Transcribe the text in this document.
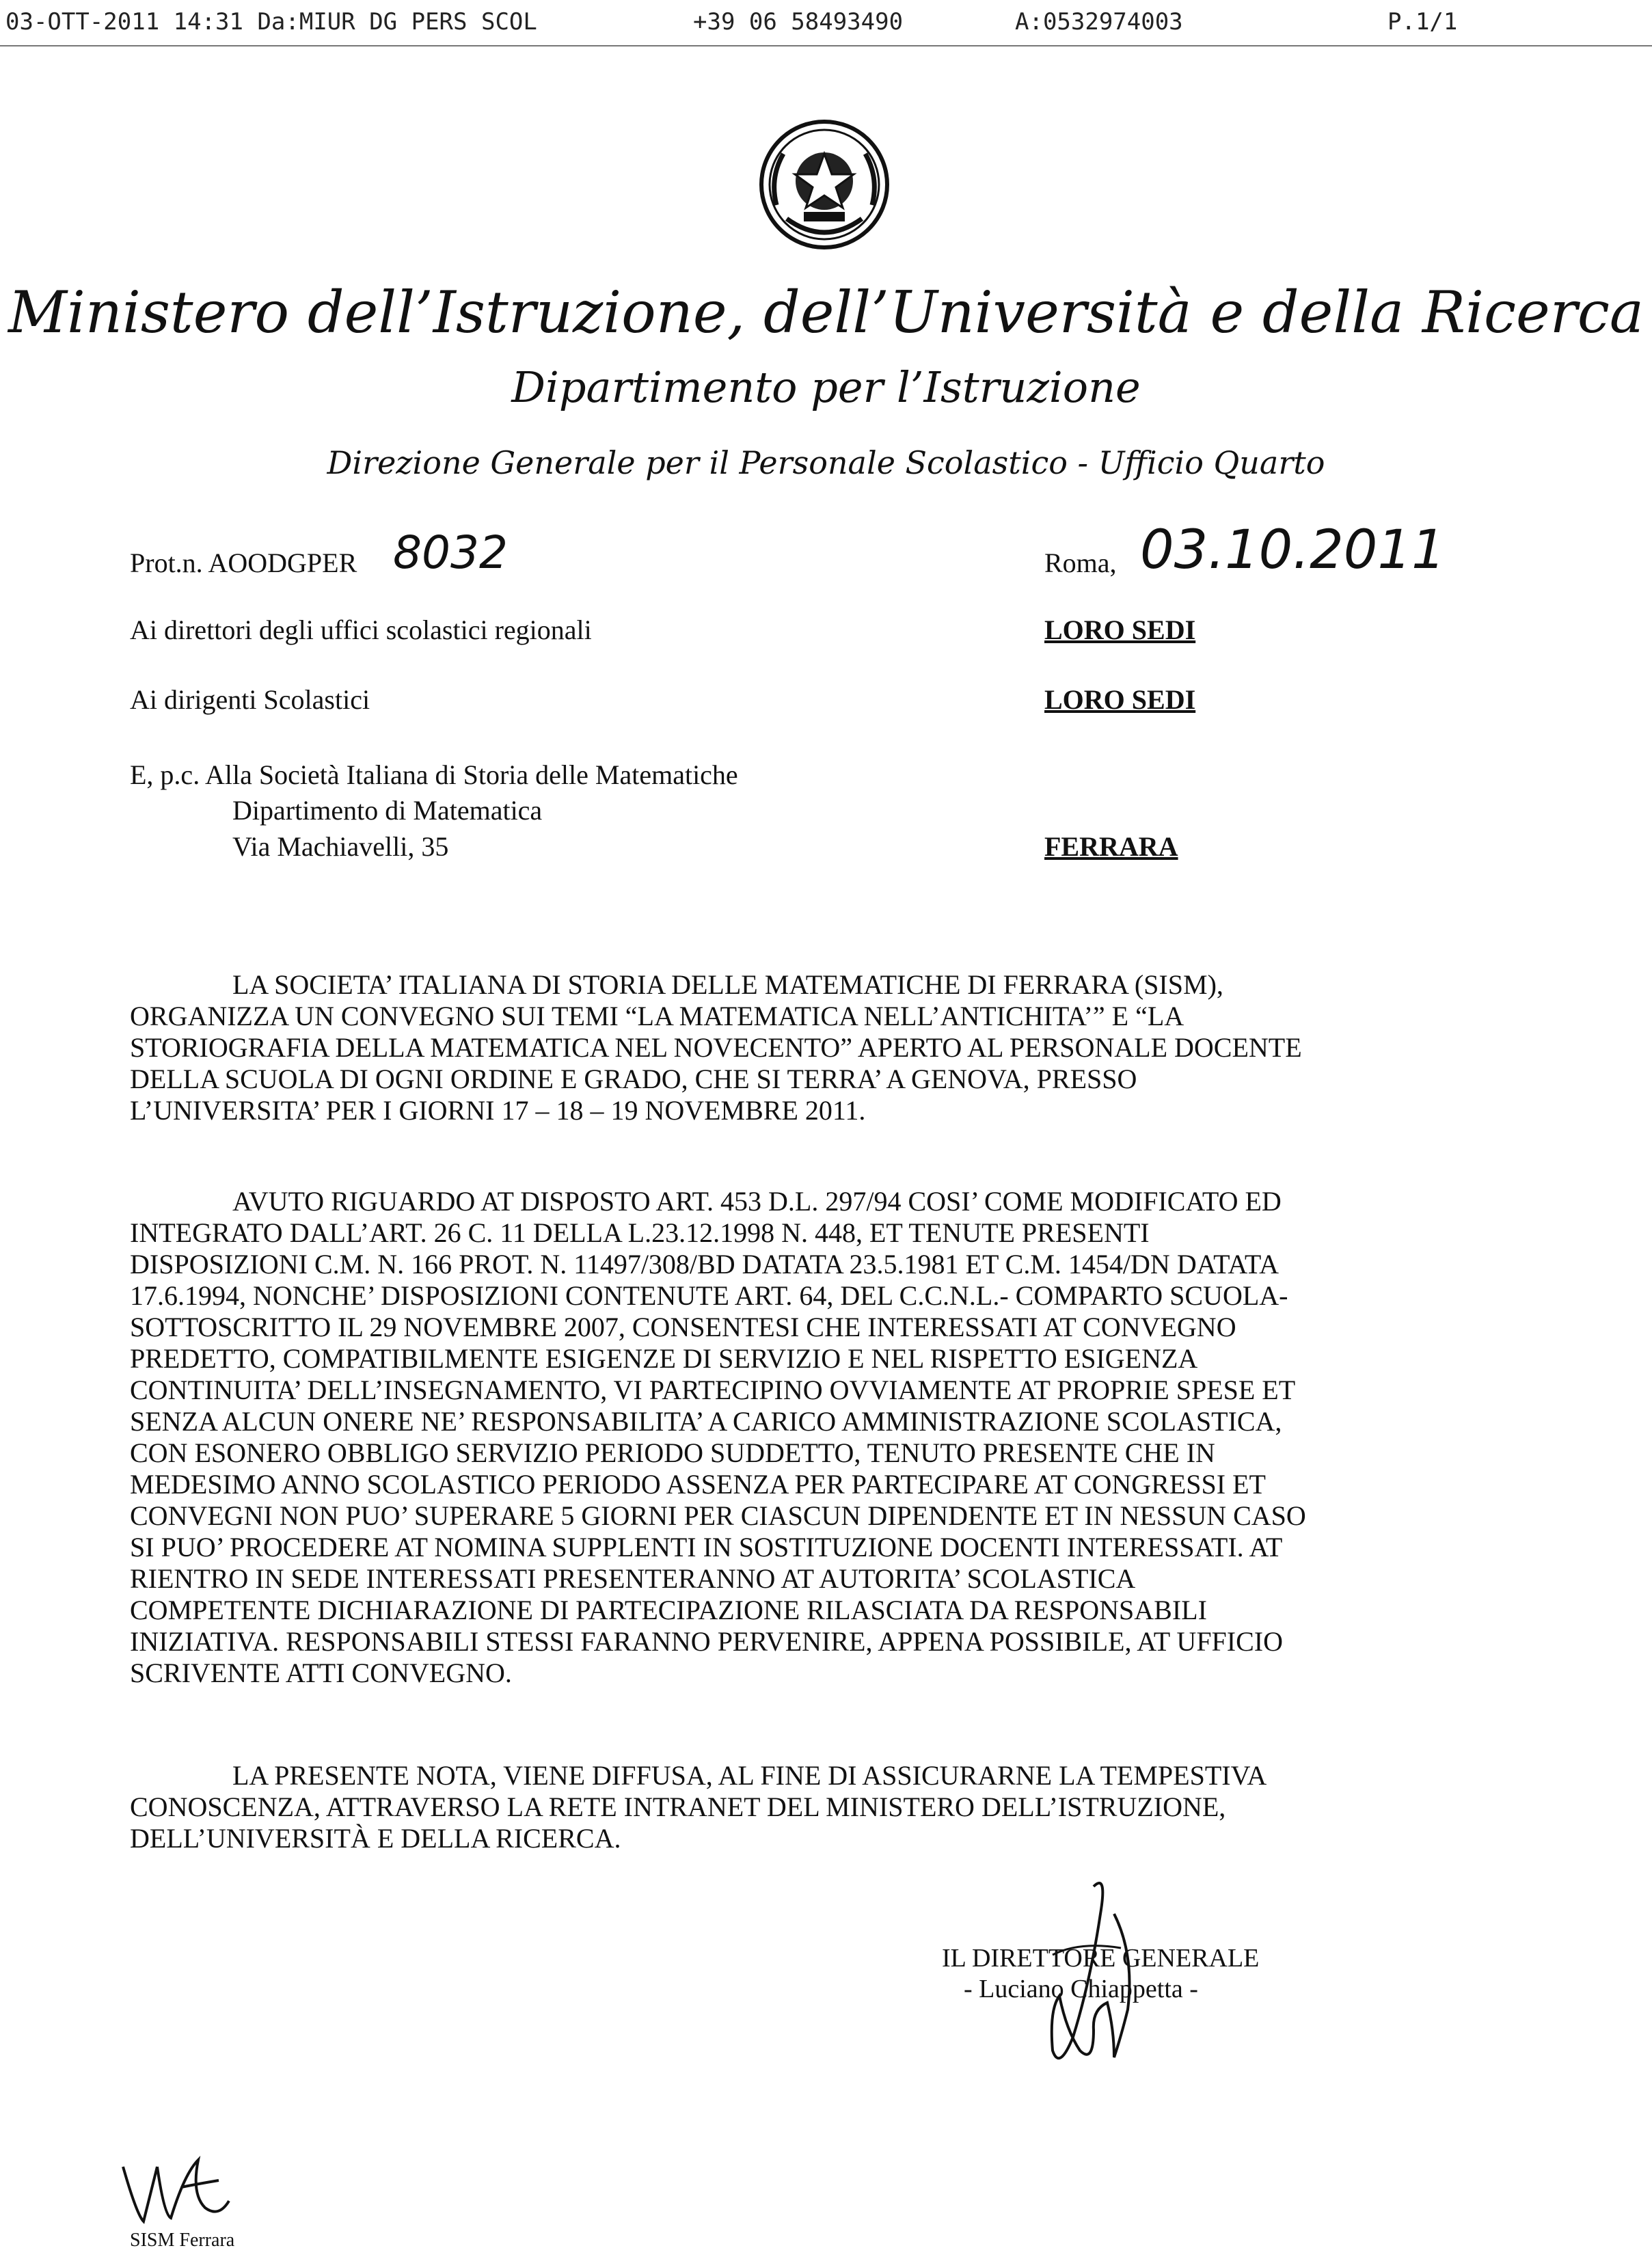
03-OTT-2011 14:31 Da:MIUR DG PERS SCOL	+39 06 58493490	A:0532974003	P.1/1
Ministero dell’Istruzione, dell’Università e della Ricerca
Dipartimento per l’Istruzione
Direzione Generale per il Personale Scolastico - Ufficio Quarto
Prot.n. AOODGPER 8032	Roma, 03.10.2011
Ai direttori degli uffici scolastici regionali	LORO SEDI
Ai dirigenti Scolastici	LORO SEDI
E, p.c. Alla Società Italiana di Storia delle Matematiche
Dipartimento di Matematica
Via Machiavelli, 35	FERRARA
LA SOCIETA’ ITALIANA DI STORIA DELLE MATEMATICHE DI FERRARA (SISM),
ORGANIZZA UN CONVEGNO SUI TEMI “LA MATEMATICA NELL’ANTICHITA’” E “LA
STORIOGRAFIA DELLA MATEMATICA NEL NOVECENTO” APERTO AL PERSONALE DOCENTE
DELLA SCUOLA DI OGNI ORDINE E GRADO, CHE SI TERRA’ A GENOVA, PRESSO
L’UNIVERSITA’ PER I GIORNI 17 – 18 – 19 NOVEMBRE 2011.
AVUTO RIGUARDO AT DISPOSTO ART. 453 D.L. 297/94 COSI’ COME MODIFICATO ED
INTEGRATO DALL’ART. 26 C. 11 DELLA L.23.12.1998 N. 448, ET TENUTE PRESENTI
DISPOSIZIONI C.M. N. 166 PROT. N. 11497/308/BD DATATA 23.5.1981 ET C.M. 1454/DN DATATA
17.6.1994, NONCHE’ DISPOSIZIONI CONTENUTE ART. 64, DEL C.C.N.L.- COMPARTO SCUOLA-
SOTTOSCRITTO IL 29 NOVEMBRE 2007, CONSENTESI CHE INTERESSATI AT CONVEGNO
PREDETTO, COMPATIBILMENTE ESIGENZE DI SERVIZIO E NEL RISPETTO ESIGENZA
CONTINUITA’ DELL’INSEGNAMENTO, VI PARTECIPINO OVVIAMENTE AT PROPRIE SPESE ET
SENZA ALCUN ONERE NE’ RESPONSABILITA’ A CARICO AMMINISTRAZIONE SCOLASTICA,
CON ESONERO OBBLIGO SERVIZIO PERIODO SUDDETTO, TENUTO PRESENTE CHE IN
MEDESIMO ANNO SCOLASTICO PERIODO ASSENZA PER PARTECIPARE AT CONGRESSI ET
CONVEGNI NON PUO’ SUPERARE 5 GIORNI PER CIASCUN DIPENDENTE ET IN NESSUN CASO
SI PUO’ PROCEDERE AT NOMINA SUPPLENTI IN SOSTITUZIONE DOCENTI INTERESSATI. AT
RIENTRO IN SEDE INTERESSATI PRESENTERANNO AT AUTORITA’ SCOLASTICA
COMPETENTE DICHIARAZIONE DI PARTECIPAZIONE RILASCIATA DA RESPONSABILI
INIZIATIVA. RESPONSABILI STESSI FARANNO PERVENIRE, APPENA POSSIBILE, AT UFFICIO
SCRIVENTE ATTI CONVEGNO.
LA PRESENTE NOTA, VIENE DIFFUSA, AL FINE DI ASSICURARNE LA TEMPESTIVA
CONOSCENZA, ATTRAVERSO LA RETE INTRANET DEL MINISTERO DELL’ISTRUZIONE,
DELL’UNIVERSITÀ E DELLA RICERCA.
IL DIRETTORE GENERALE
- Luciano Chiappetta -
SISM Ferrara
